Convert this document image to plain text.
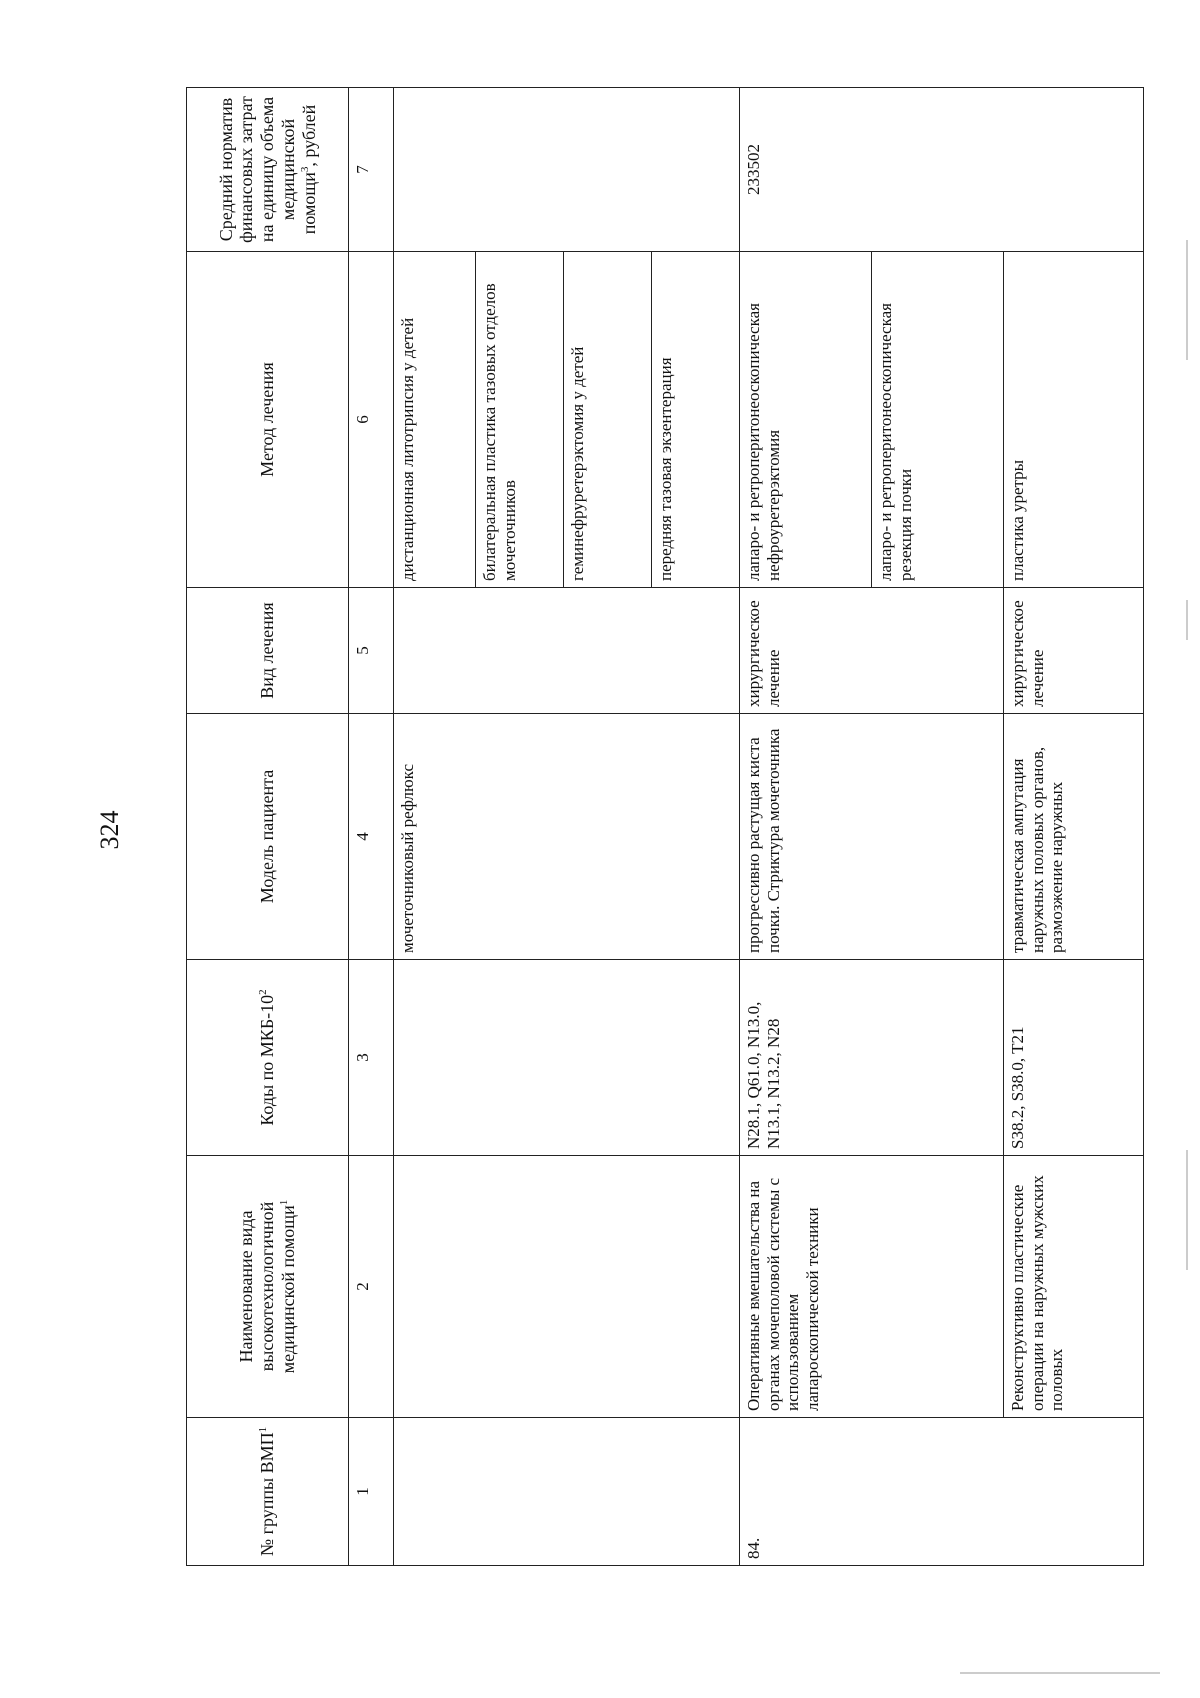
324
№ группы ВМП$^1$	Наименование вида высокотехнологичной медицинской помощи$^1$	Коды по МКБ-$10^2$	Модель пациента	Вид лечения	Метод лечения	Средний норматив финансовых затрат на единицу объема медицинской помощи$^3$, рублей
1	2	3	4	5	6	7
			мочеточниковый рефлюкс		дистанционная литотрипсия у детей	
					билатеральная пластика тазовых отделов мочеточников	
					геминефруретерэктомия у детей	
					передняя тазовая экзентерация	
84.	Оперативные вмешательства на органах мочеполовой системы с использованием лапароскопической техники	N28.1, Q61.0, N13.0, N13.1, N13.2, N28	прогрессивно растущая киста почки. Стриктура мочеточника	хирургическое лечение	лапаро- и ретроперитонеоскопическая нефроуретерэктомия	233502
					лапаро- и ретроперитонеоскопическая резекция почки	
	Реконструктивно пластические операции на наружных мужских половых	S38.2, S38.0, T21	травматическая ампутация наружных половых органов, размозжение наружных	хирургическое лечение	пластика уретры	
